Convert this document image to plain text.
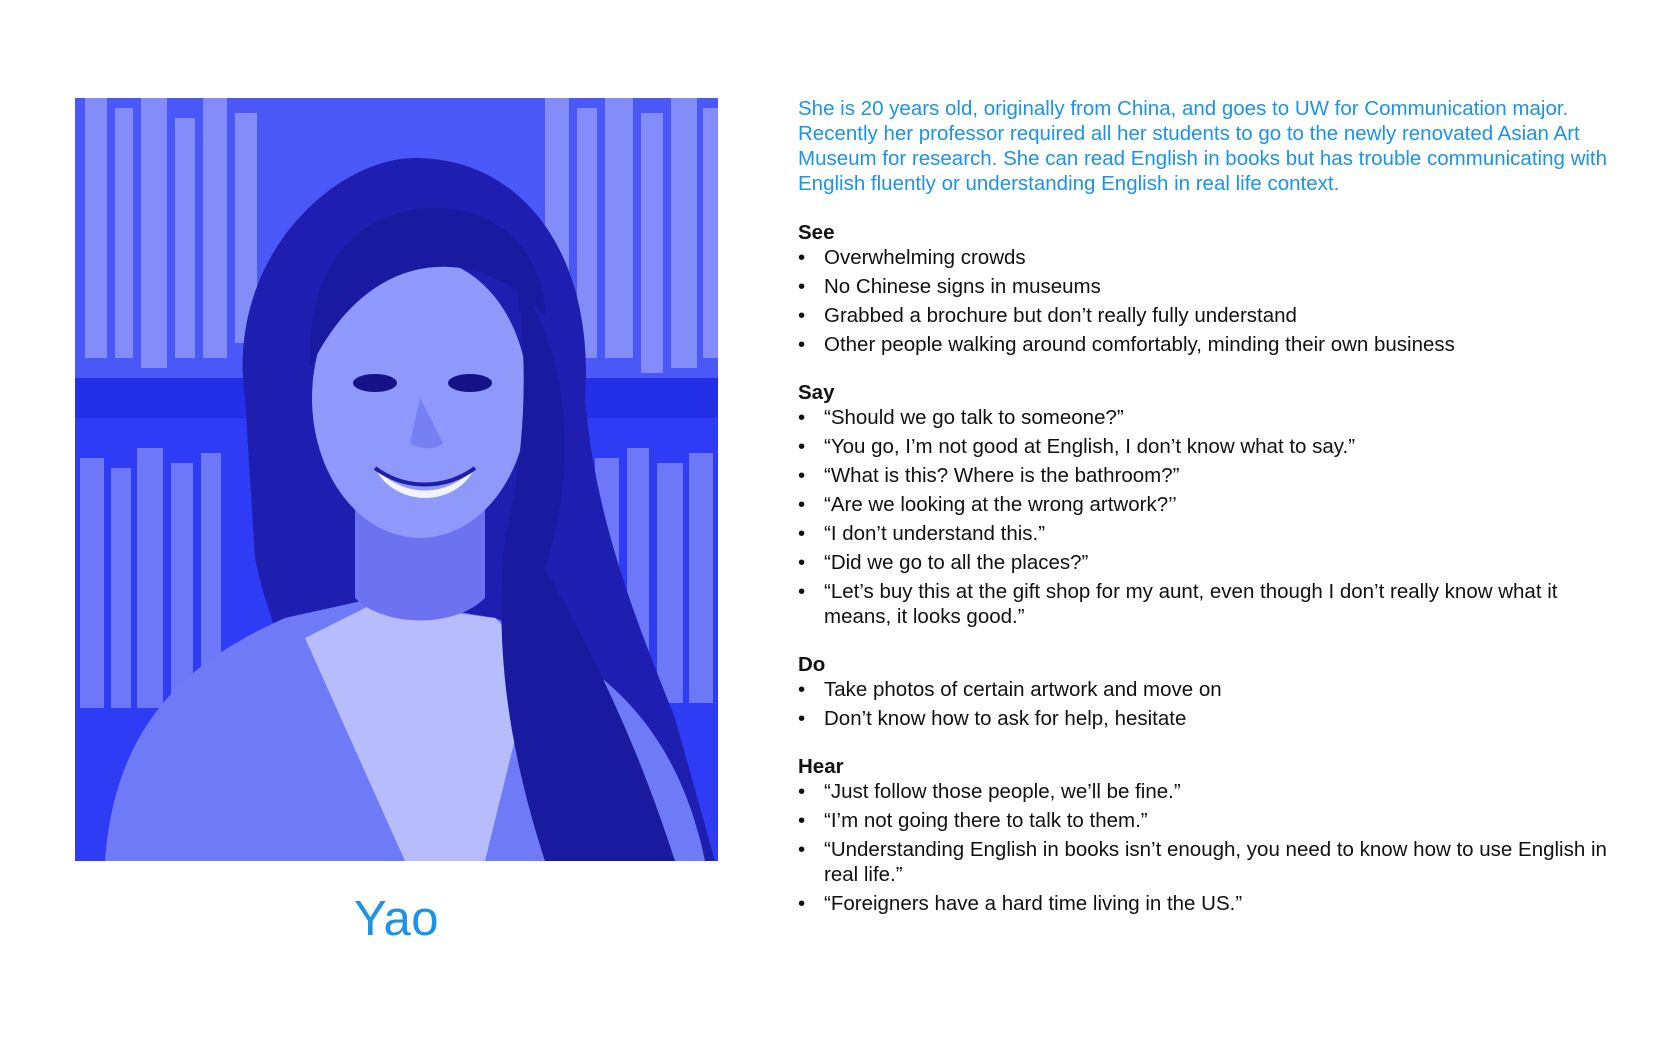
Yao

She is 20 years old, originally from China, and goes to UW for Communication major. Recently her professor required all her students to go to the newly renovated Asian Art Museum for research. She can read English in books but has trouble communicating with English fluently or understanding English in real life context.

See
• Overwhelming crowds
• No Chinese signs in museums
• Grabbed a brochure but don’t really fully understand
• Other people walking around comfortably, minding their own business
Say
• “Should we go talk to someone?”
• “You go, I’m not good at English, I don’t know what to say.”
• “What is this? Where is the bathroom?”
• “Are we looking at the wrong artwork?’’
• “I don’t understand this.”
• “Did we go to all the places?”
• “Let’s buy this at the gift shop for my aunt, even though I don’t really know what it means, it looks good.”
Do
• Take photos of certain artwork and move on
• Don’t know how to ask for help, hesitate
Hear
• “Just follow those people, we’ll be fine.”
• “I’m not going there to talk to them.”
• “Understanding English in books isn’t enough, you need to know how to use English in real life.”
• “Foreigners have a hard time living in the US.”
